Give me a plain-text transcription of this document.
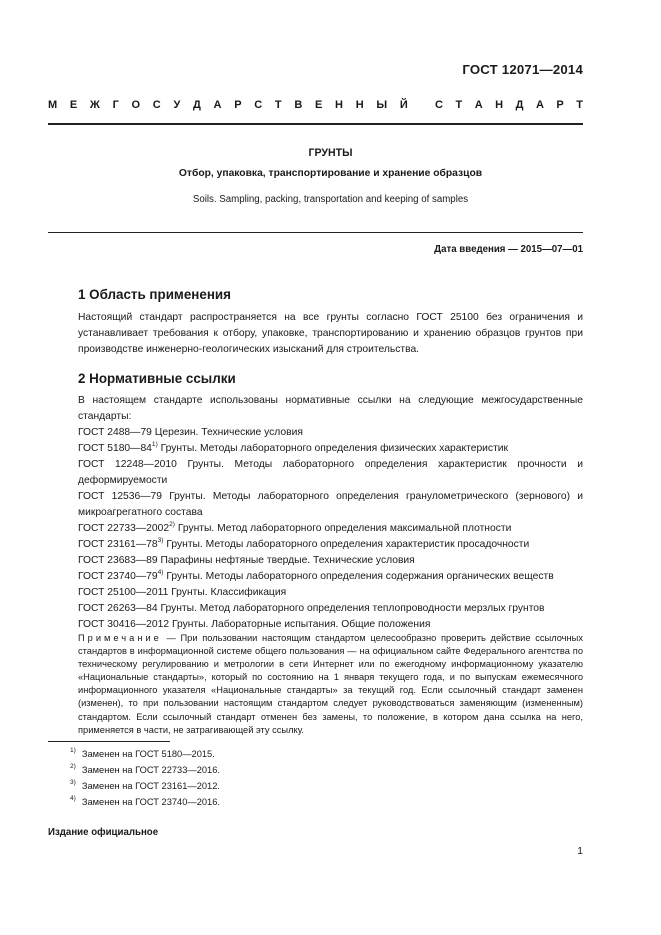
ГОСТ 12071—2014
М Е Ж Г О С У Д А Р С Т В Е Н Н Ы Й С Т А Н Д А Р Т
ГРУНТЫ
Отбор, упаковка, транспортирование и хранение образцов
Soils. Sampling, packing, transportation and keeping of samples
Дата введения — 2015—07—01
1 Область применения
Настоящий стандарт распространяется на все грунты согласно ГОСТ 25100 без ограничения и устанавливает требования к отбору, упаковке, транспортированию и хранению образцов грунтов при производстве инженерно-геологических изысканий для строительства.
2 Нормативные ссылки
В настоящем стандарте использованы нормативные ссылки на следующие межгосударственные стандарты:
ГОСТ 2488—79 Церезин. Технические условия
ГОСТ 5180—84$^{1)}$ Грунты. Методы лабораторного определения физических характеристик
ГОСТ 12248—2010 Грунты. Методы лабораторного определения характеристик прочности и деформируемости
ГОСТ 12536—79 Грунты. Методы лабораторного определения гранулометрического (зернового) и микроагрегатного состава
ГОСТ 22733—2002$^{2)}$ Грунты. Метод лабораторного определения максимальной плотности
ГОСТ 23161—78$^{3)}$ Грунты. Методы лабораторного определения характеристик просадочности
ГОСТ 23683—89 Парафины нефтяные твердые. Технические условия
ГОСТ 23740—79$^{4)}$ Грунты. Методы лабораторного определения содержания органических веществ
ГОСТ 25100—2011 Грунты. Классификация
ГОСТ 26263—84 Грунты. Метод лабораторного определения теплопроводности мерзлых грунтов
ГОСТ 30416—2012 Грунты. Лабораторные испытания. Общие положения
Примечание — При пользовании настоящим стандартом целесообразно проверить действие ссылочных стандартов в информационной системе общего пользования — на официальном сайте Федерального агентства по техническому регулированию и метрологии в сети Интернет или по ежегодному информационному указателю «Национальные стандарты», который по состоянию на 1 января текущего года, и по выпускам ежемесячного информационного указателя «Национальные стандарты» за текущий год. Если ссылочный стандарт заменен (изменен), то при пользовании настоящим стандартом следует руководствоваться заменяющим (измененным) стандартом. Если ссылочный стандарт отменен без замены, то положение, в котором дана ссылка на него, применяется в части, не затрагивающей эту ссылку.
$^{1)}$ Заменен на ГОСТ 5180—2015.
$^{2)}$ Заменен на ГОСТ 22733—2016.
$^{3)}$ Заменен на ГОСТ 23161—2012.
$^{4)}$ Заменен на ГОСТ 23740—2016.
Издание официальное
1
